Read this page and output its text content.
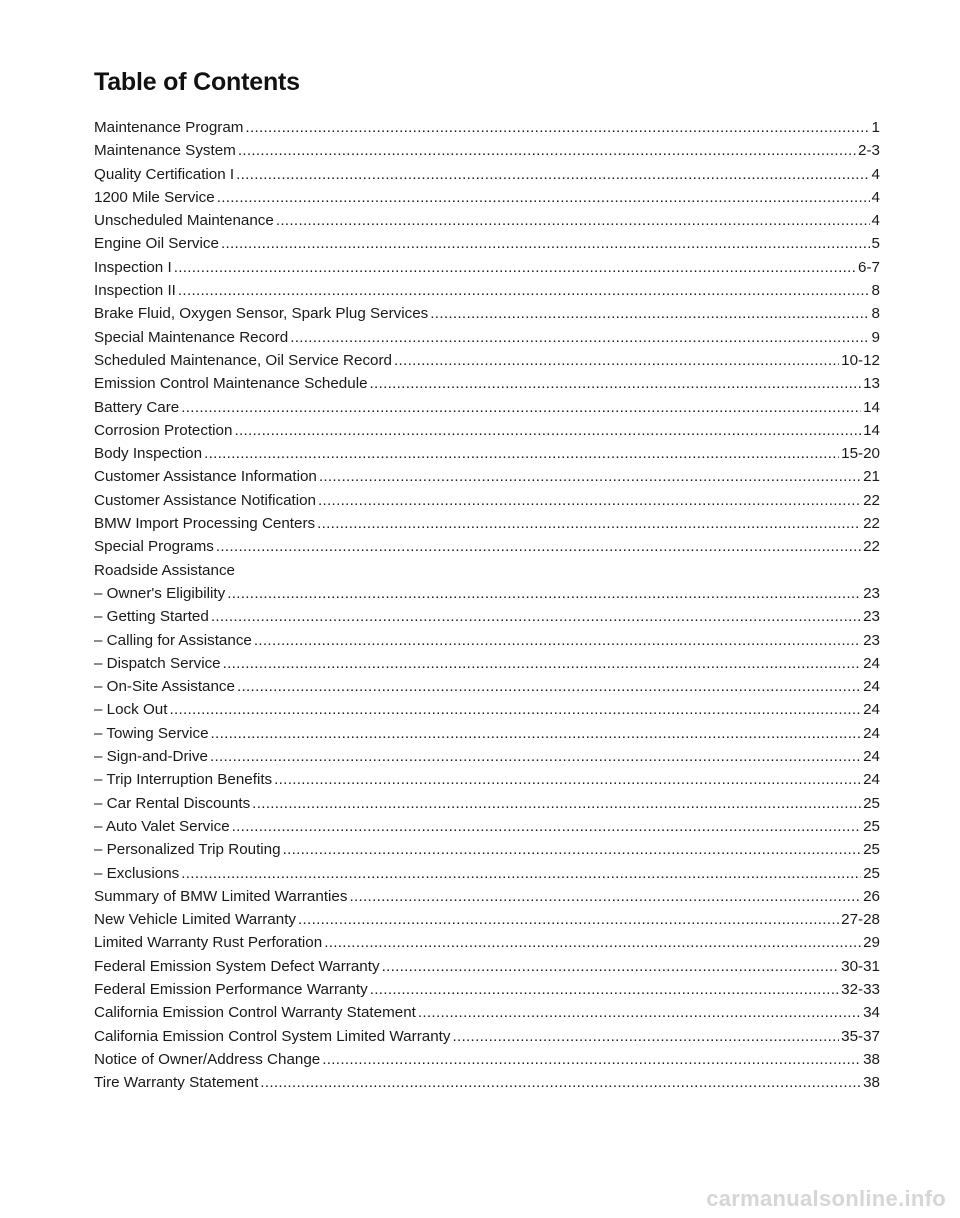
Table of Contents
Maintenance Program .....	1
Maintenance System .....	2-3
Quality Certification I .....	4
1200 Mile Service .....	4
Unscheduled Maintenance .....	4
Engine Oil Service .....	5
Inspection I .....	6-7
Inspection II .....	8
Brake Fluid, Oxygen Sensor, Spark Plug Services .....	8
Special Maintenance Record .....	9
Scheduled Maintenance, Oil Service Record .....	10-12
Emission Control Maintenance Schedule .....	13
Battery Care .....	14
Corrosion Protection .....	14
Body Inspection .....	15-20
Customer Assistance Information .....	21
Customer Assistance Notification .....	22
BMW Import Processing Centers .....	22
Special Programs .....	22
Roadside Assistance
– Owner's Eligibility .....	23
– Getting Started .....	23
– Calling for Assistance .....	23
– Dispatch Service .....	24
– On-Site Assistance .....	24
– Lock Out .....	24
– Towing Service .....	24
– Sign-and-Drive .....	24
– Trip Interruption Benefits .....	24
– Car Rental Discounts .....	25
– Auto Valet Service .....	25
– Personalized Trip Routing .....	25
– Exclusions .....	25
Summary of BMW Limited Warranties .....	26
New Vehicle Limited Warranty .....	27-28
Limited Warranty Rust Perforation .....	29
Federal Emission System Defect Warranty .....	30-31
Federal Emission Performance Warranty .....	32-33
California Emission Control Warranty Statement .....	34
California Emission Control System Limited Warranty .....	35-37
Notice of Owner/Address Change .....	38
Tire Warranty Statement .....	38
carmanualsonline.info
